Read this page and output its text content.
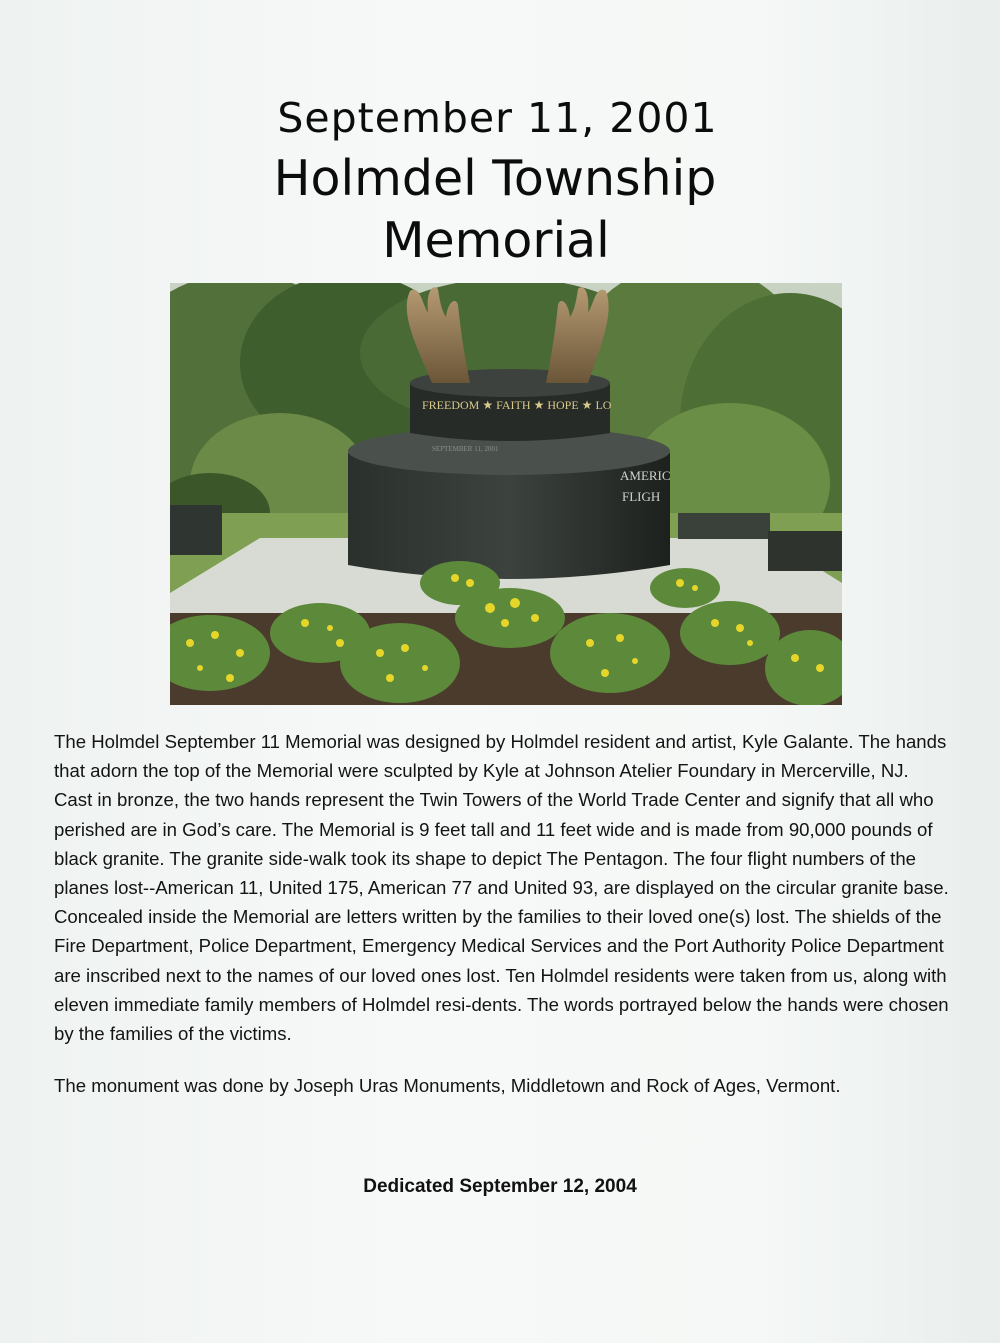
September 11, 2001
Holmdel Township
Memorial
FREEDOM ★ FAITH ★ HOPE ★ LO
AMERIC
FLIGH
SEPTEMBER 11, 2001

The Holmdel September 11 Memorial was designed by Holmdel resident and artist, Kyle Galante. The hands that adorn the top of the Memorial were sculpted by Kyle at Johnson Atelier Foundary in Mercerville, NJ. Cast in bronze, the two hands represent the Twin Towers of the World Trade Center and signify that all who perished are in God’s care. The Memorial is 9 feet tall and 11 feet wide and is made from 90,000 pounds of black granite. The granite side-walk took its shape to depict The Pentagon. The four flight numbers of the planes lost--American 11, United 175, American 77 and United 93, are displayed on the circular granite base. Concealed inside the Memorial are letters written by the families to their loved one(s) lost. The shields of the Fire Department, Police Department, Emergency Medical Services and the Port Authority Police Department are inscribed next to the names of our loved ones lost. Ten Holmdel residents were taken from us, along with eleven immediate family members of Holmdel resi-dents. The words portrayed below the hands were chosen by the families of the victims.

The monument was done by Joseph Uras Monuments, Middletown and Rock of Ages, Vermont.

Dedicated September 12, 2004
